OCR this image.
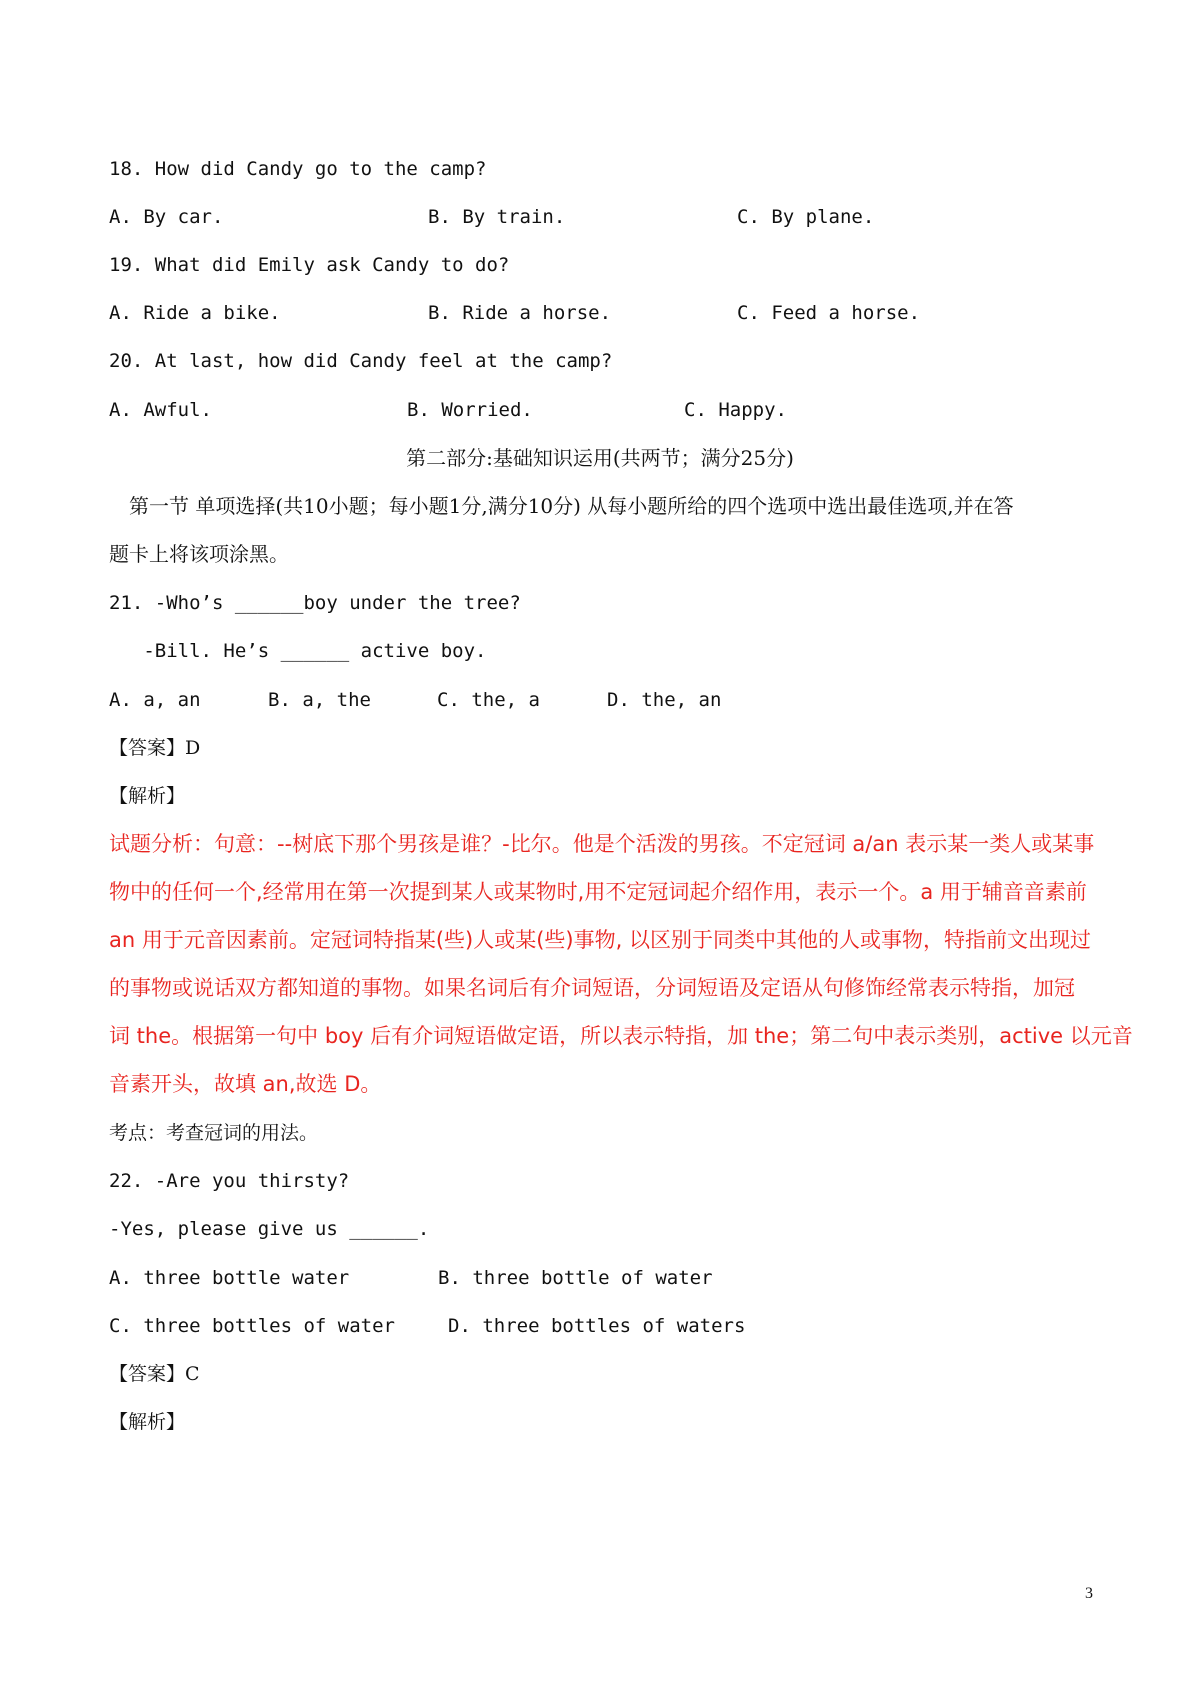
18. How did Candy go to the camp?
A. By car.	B. By train.	C. By plane.
19. What did Emily ask Candy to do?
A. Ride a bike.	B. Ride a horse.	C. Feed a horse.
20. At last, how did Candy feel at the camp?
A. Awful.	B. Worried.	C. Happy.
第二部分:基础知识运用(共两节；满分25分)
　第一节 单项选择(共10小题；每小题1分,满分10分) 从每小题所给的四个选项中选出最佳选项,并在答
题卡上将该项涂黑。
21. -Who’s ______boy under the tree?
-Bill. He’s ______ active boy.
A. a, an	B. a, the	C. the, a	D. the, an
【答案】D
【解析】
试题分析：句意：--树底下那个男孩是谁？-比尔。他是个活泼的男孩。不定冠词 a/an 表示某一类人或某事
物中的任何一个,经常用在第一次提到某人或某物时,用不定冠词起介绍作用，表示一个。a 用于辅音音素前
an 用于元音因素前。定冠词特指某(些)人或某(些)事物, 以区别于同类中其他的人或事物，特指前文出现过
的事物或说话双方都知道的事物。如果名词后有介词短语，分词短语及定语从句修饰经常表示特指，加冠
词 the。根据第一句中 boy 后有介词短语做定语，所以表示特指，加 the；第二句中表示类别，active 以元音
音素开头，故填 an,故选 D。
考点：考查冠词的用法。
22. -Are you thirsty?
-Yes, please give us ______.
A. three bottle water	B. three bottle of water
C. three bottles of water	D. three bottles of waters
【答案】C
【解析】
3
